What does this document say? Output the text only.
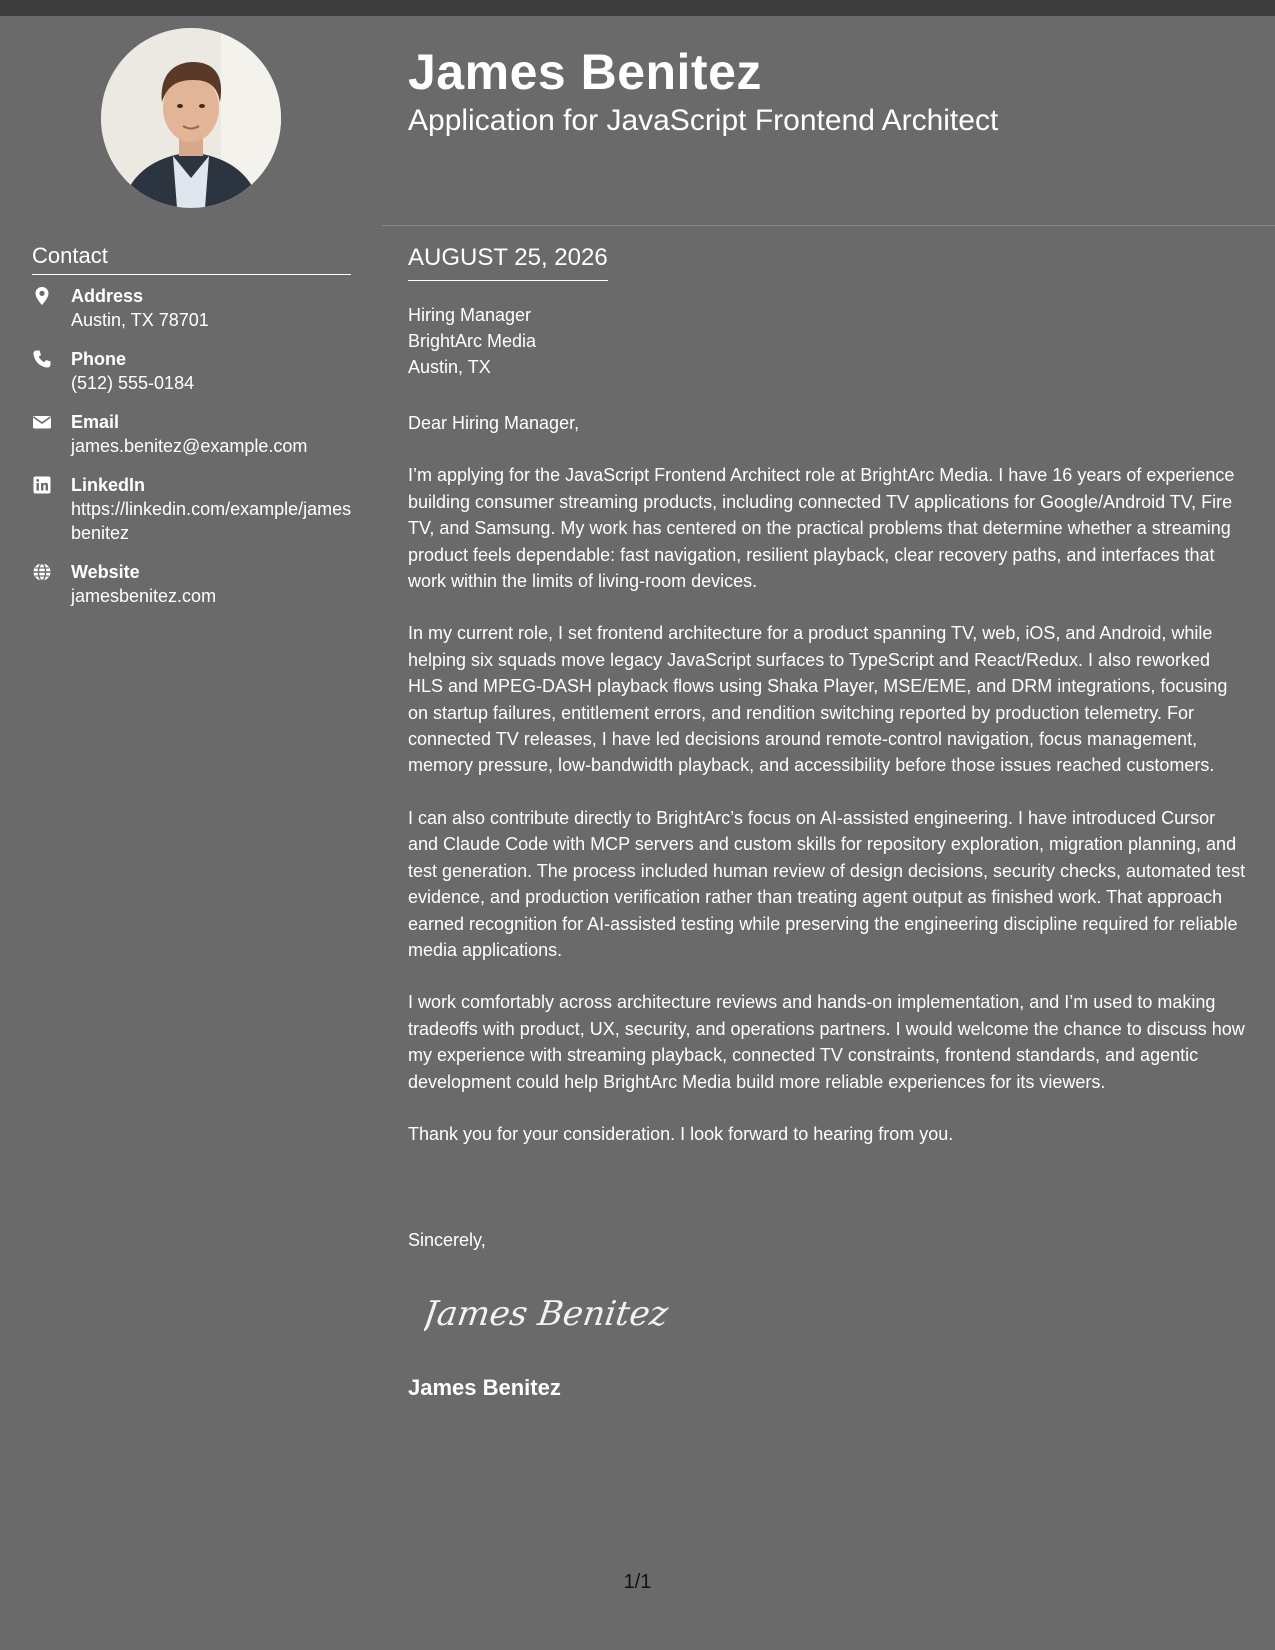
Contact
Address
Austin, TX 78701
Phone
(512) 555-0184
Email
james.benitez@example.com
LinkedIn
https://linkedin.com/example/jamesbenitez
Website
jamesbenitez.com
James Benitez
Application for JavaScript Frontend Architect
AUGUST 25, 2026
Hiring Manager
BrightArc Media
Austin, TX

Dear Hiring Manager,

I’m applying for the JavaScript Frontend Architect role at BrightArc Media. I have 16 years of experience building consumer streaming products, including connected TV applications for Google/Android TV, Fire TV, and Samsung. My work has centered on the practical problems that determine whether a streaming product feels dependable: fast navigation, resilient playback, clear recovery paths, and interfaces that work within the limits of living-room devices.

In my current role, I set frontend architecture for a product spanning TV, web, iOS, and Android, while helping six squads move legacy JavaScript surfaces to TypeScript and React/Redux. I also reworked HLS and MPEG-DASH playback flows using Shaka Player, MSE/EME, and DRM integrations, focusing on startup failures, entitlement errors, and rendition switching reported by production telemetry. For connected TV releases, I have led decisions around remote-control navigation, focus management, memory pressure, low-bandwidth playback, and accessibility before those issues reached customers.

I can also contribute directly to BrightArc’s focus on AI-assisted engineering. I have introduced Cursor and Claude Code with MCP servers and custom skills for repository exploration, migration planning, and test generation. The process included human review of design decisions, security checks, automated test evidence, and production verification rather than treating agent output as finished work. That approach earned recognition for AI-assisted testing while preserving the engineering discipline required for reliable media applications.

I work comfortably across architecture reviews and hands-on implementation, and I’m used to making tradeoffs with product, UX, security, and operations partners. I would welcome the chance to discuss how my experience with streaming playback, connected TV constraints, frontend standards, and agentic development could help BrightArc Media build more reliable experiences for its viewers.

Thank you for your consideration. I look forward to hearing from you.

Sincerely,
James Benitez
James Benitez
1/1
